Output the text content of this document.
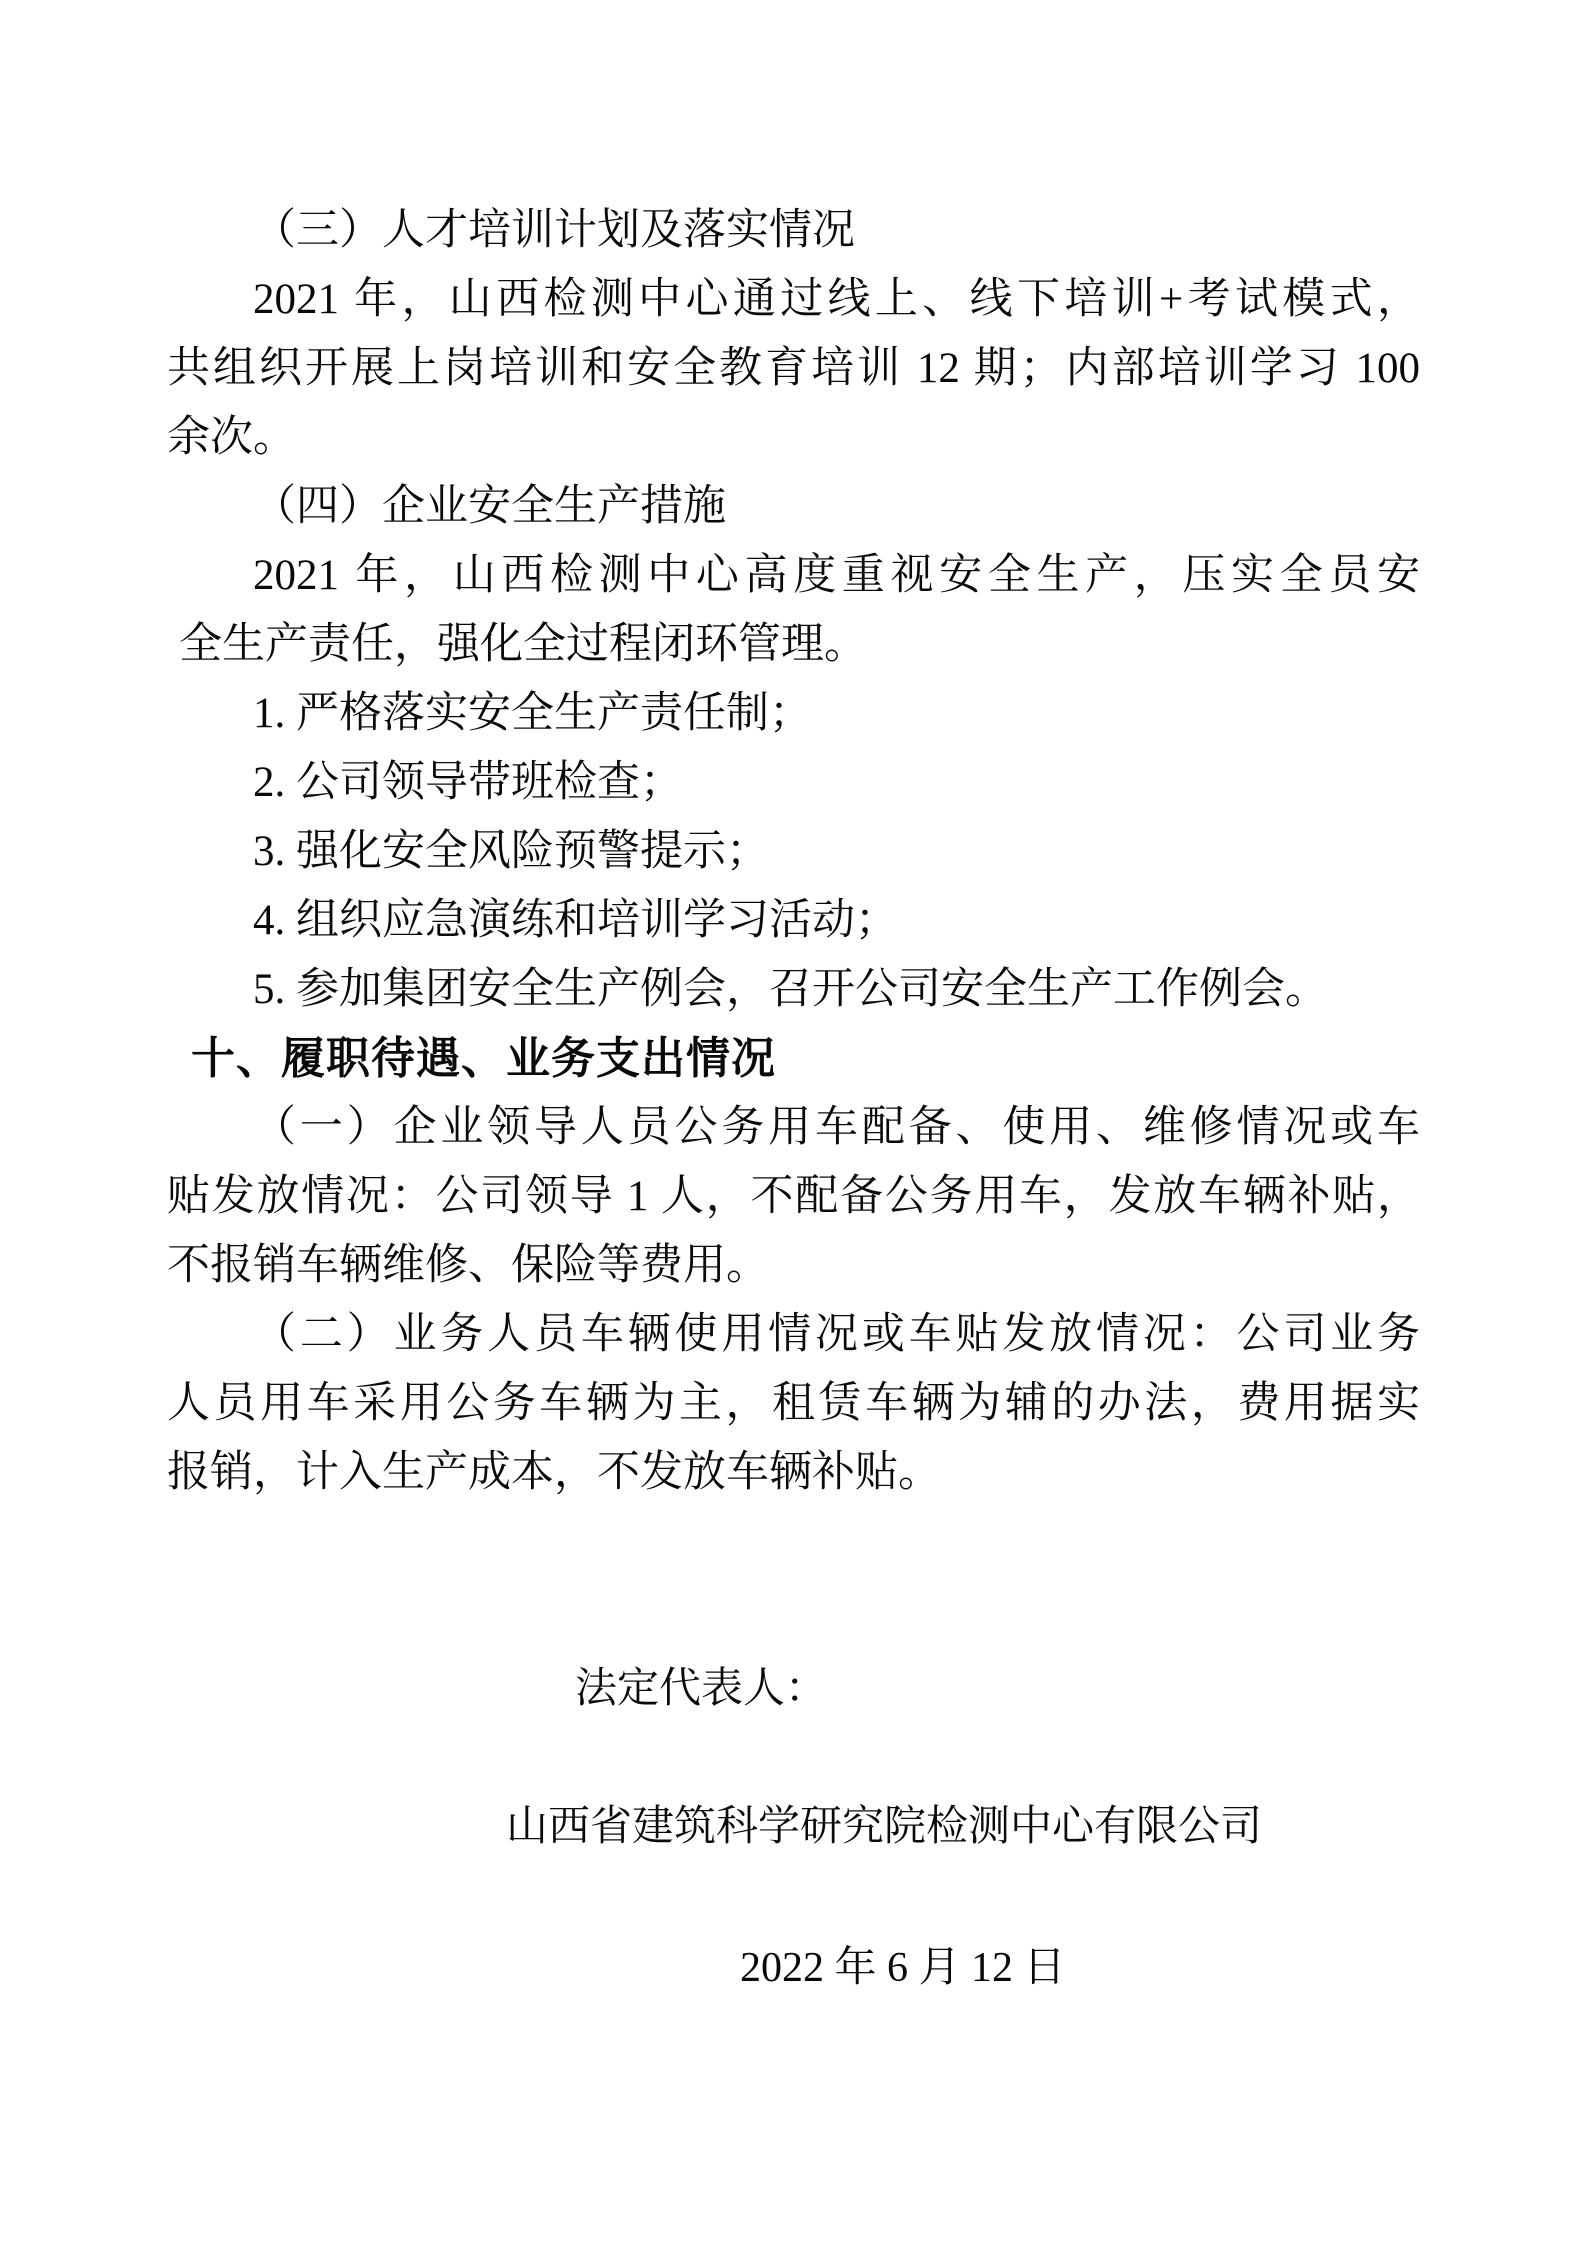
（三）人才培训计划及落实情况
2021 年，山西检测中心通过线上、线下培训+考试模式，
共组织开展上岗培训和安全教育培训 12 期；内部培训学习 100
余次。
（四）企业安全生产措施
2021 年，山西检测中心高度重视安全生产，压实全员安
全生产责任，强化全过程闭环管理。
1. 严格落实安全生产责任制；
2. 公司领导带班检查；
3. 强化安全风险预警提示；
4. 组织应急演练和培训学习活动；
5. 参加集团安全生产例会，召开公司安全生产工作例会。
十、履职待遇、业务支出情况
（一）企业领导人员公务用车配备、使用、维修情况或车
贴发放情况：公司领导 1 人，不配备公务用车，发放车辆补贴，
不报销车辆维修、保险等费用。
（二）业务人员车辆使用情况或车贴发放情况：公司业务
人员用车采用公务车辆为主，租赁车辆为辅的办法，费用据实
报销，计入生产成本，不发放车辆补贴。
法定代表人：
山西省建筑科学研究院检测中心有限公司
2022 年 6 月 12 日
